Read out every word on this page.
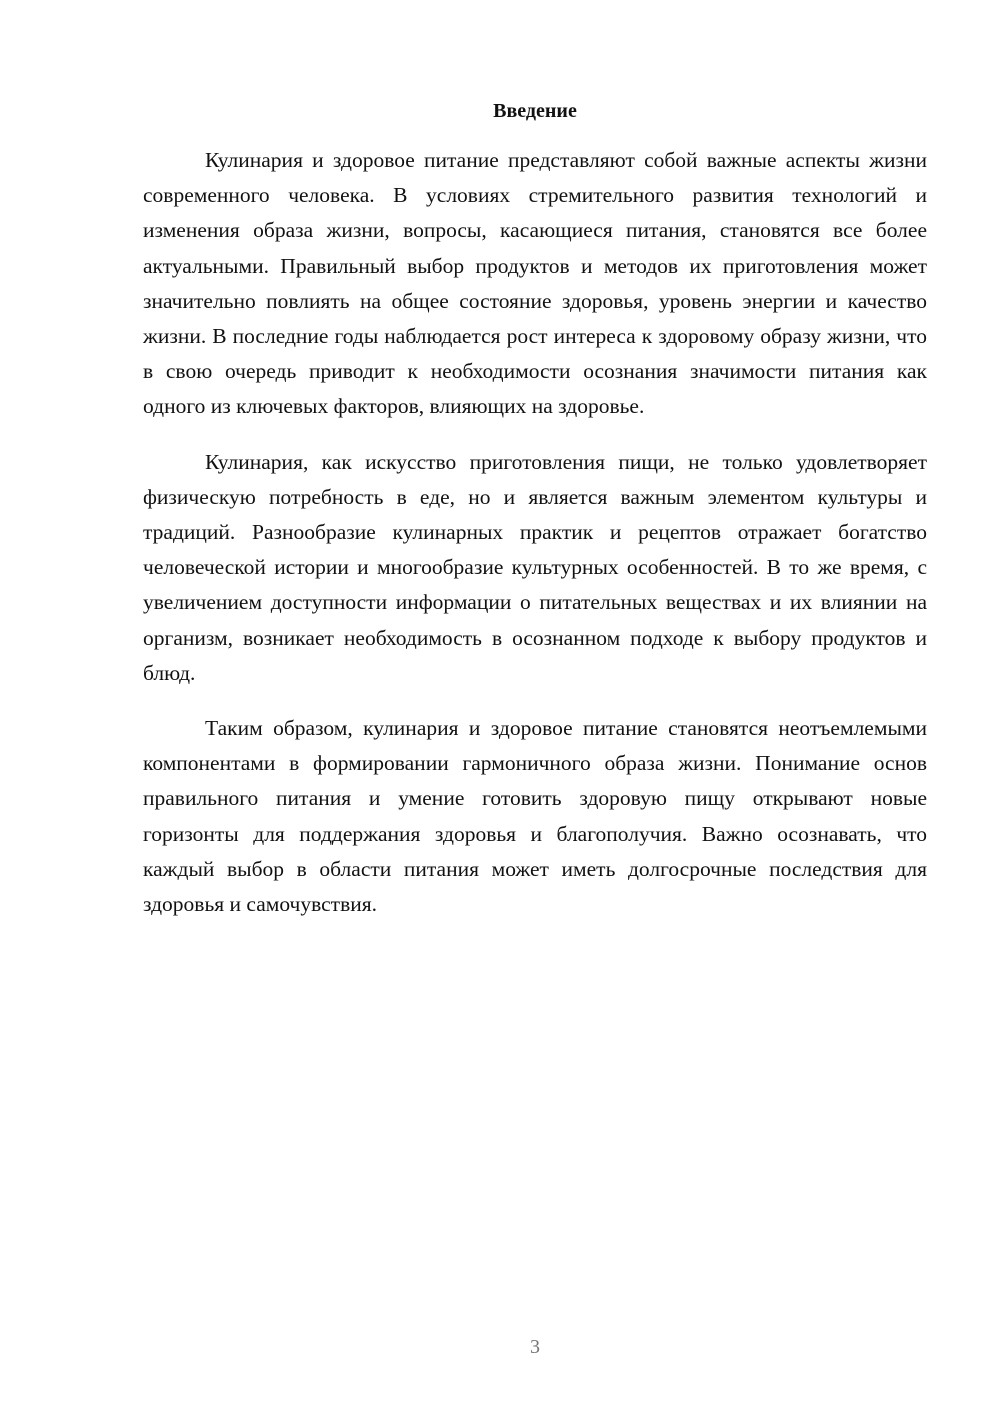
Введение

Кулинария и здоровое питание представляют собой важные аспекты жизни современного человека. В условиях стремительного развития технологий и изменения образа жизни, вопросы, касающиеся питания, становятся все более актуальными. Правильный выбор продуктов и методов их приготовления может значительно повлиять на общее состояние здоровья, уровень энергии и качество жизни. В последние годы наблюдается рост интереса к здоровому образу жизни, что в свою очередь приводит к необходимости осознания значимости питания как одного из ключевых факторов, влияющих на здоровье.

Кулинария, как искусство приготовления пищи, не только удовлетворяет физическую потребность в еде, но и является важным элементом культуры и традиций. Разнообразие кулинарных практик и рецептов отражает богатство человеческой истории и многообразие культурных особенностей. В то же время, с увеличением доступности информации о питательных веществах и их влиянии на организм, возникает необходимость в осознанном подходе к выбору продуктов и блюд.

Таким образом, кулинария и здоровое питание становятся неотъемлемыми компонентами в формировании гармоничного образа жизни. Понимание основ правильного питания и умение готовить здоровую пищу открывают новые горизонты для поддержания здоровья и благополучия. Важно осознавать, что каждый выбор в области питания может иметь долгосрочные последствия для здоровья и самочувствия.

3
